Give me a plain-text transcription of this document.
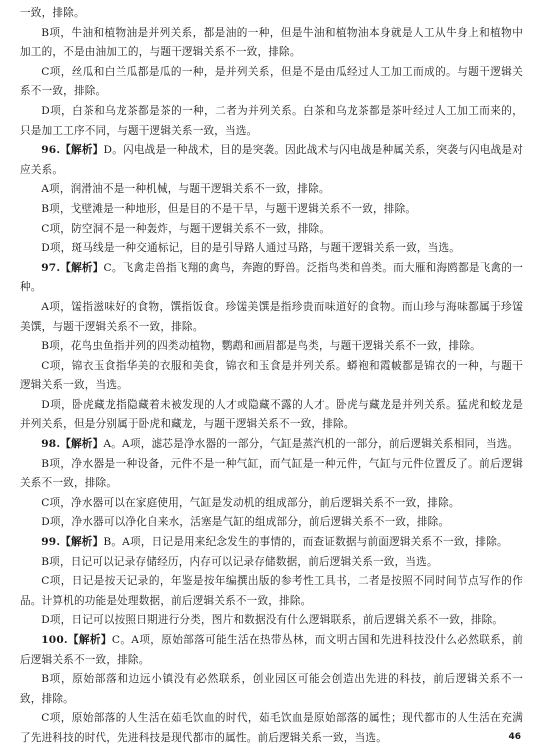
一致，排除。

B项，牛油和植物油是并列关系，都是油的一种，但是牛油和植物油本身就是人工从牛身上和植物中加工的，不是由油加工的，与题干逻辑关系不一致，排除。

C项，丝瓜和白兰瓜都是瓜的一种，是并列关系，但是不是由瓜经过人工加工而成的。与题干逻辑关系不一致，排除。

D项，白茶和乌龙茶都是茶的一种，二者为并列关系。白茶和乌龙茶都是茶叶经过人工加工而来的，只是加工工序不同，与题干逻辑关系一致，当选。

96.【解析】D。闪电战是一种战术，目的是突袭。因此战术与闪电战是种属关系，突袭与闪电战是对应关系。

A项，润滑油不是一种机械，与题干逻辑关系不一致，排除。

B项，戈壁滩是一种地形，但是目的不是干旱，与题干逻辑关系不一致，排除。

C项，防空洞不是一种轰炸，与题干逻辑关系不一致，排除。

D项，斑马线是一种交通标记，目的是引导路人通过马路，与题干逻辑关系一致，当选。

97.【解析】C。飞禽走兽指飞翔的禽鸟，奔跑的野兽。泛指鸟类和兽类。而大雁和海鸥都是飞禽的一种。

A项，馐指滋味好的食物，馔指饭食。珍馐美馔是指珍贵而味道好的食物。而山珍与海味都属于珍馐美馔，与题干逻辑关系不一致，排除。

B项，花鸟虫鱼指并列的四类动植物，鹦鹉和画眉都是鸟类，与题干逻辑关系不一致，排除。

C项，锦衣玉食指华美的衣服和美食，锦衣和玉食是并列关系。蟒袍和霞帔都是锦衣的一种，与题干逻辑关系一致，当选。

D项，卧虎藏龙指隐藏着未被发现的人才或隐藏不露的人才。卧虎与藏龙是并列关系。猛虎和蛟龙是并列关系，但是分别属于卧虎和藏龙，与题干逻辑关系不一致，排除。

98.【解析】A。A项，滤芯是净水器的一部分，气缸是蒸汽机的一部分，前后逻辑关系相同，当选。

B项，净水器是一种设备，元件不是一种气缸，而气缸是一种元件，气缸与元件位置反了。前后逻辑关系不一致，排除。

C项，净水器可以在家庭使用，气缸是发动机的组成部分，前后逻辑关系不一致，排除。

D项，净水器可以净化自来水，活塞是气缸的组成部分，前后逻辑关系不一致，排除。

99.【解析】B。A项，日记是用来纪念发生的事情的，而查证数据与前面逻辑关系不一致，排除。

B项，日记可以记录存储经历，内存可以记录存储数据，前后逻辑关系一致，当选。

C项，日记是按天记录的，年鉴是按年编撰出版的参考性工具书，二者是按照不同时间节点写作的作品。计算机的功能是处理数据，前后逻辑关系不一致，排除。

D项，日记可以按照日期进行分类，图片和数据没有什么逻辑联系，前后逻辑关系不一致，排除。

100.【解析】C。A项，原始部落可能生活在热带丛林，而文明古国和先进科技没什么必然联系，前后逻辑关系不一致，排除。

B项，原始部落和边远小镇没有必然联系，创业园区可能会创造出先进的科技，前后逻辑关系不一致，排除。

C项，原始部落的人生活在茹毛饮血的时代，茹毛饮血是原始部落的属性；现代都市的人生活在充满了先进科技的时代，先进科技是现代都市的属性。前后逻辑关系一致，当选。	46
